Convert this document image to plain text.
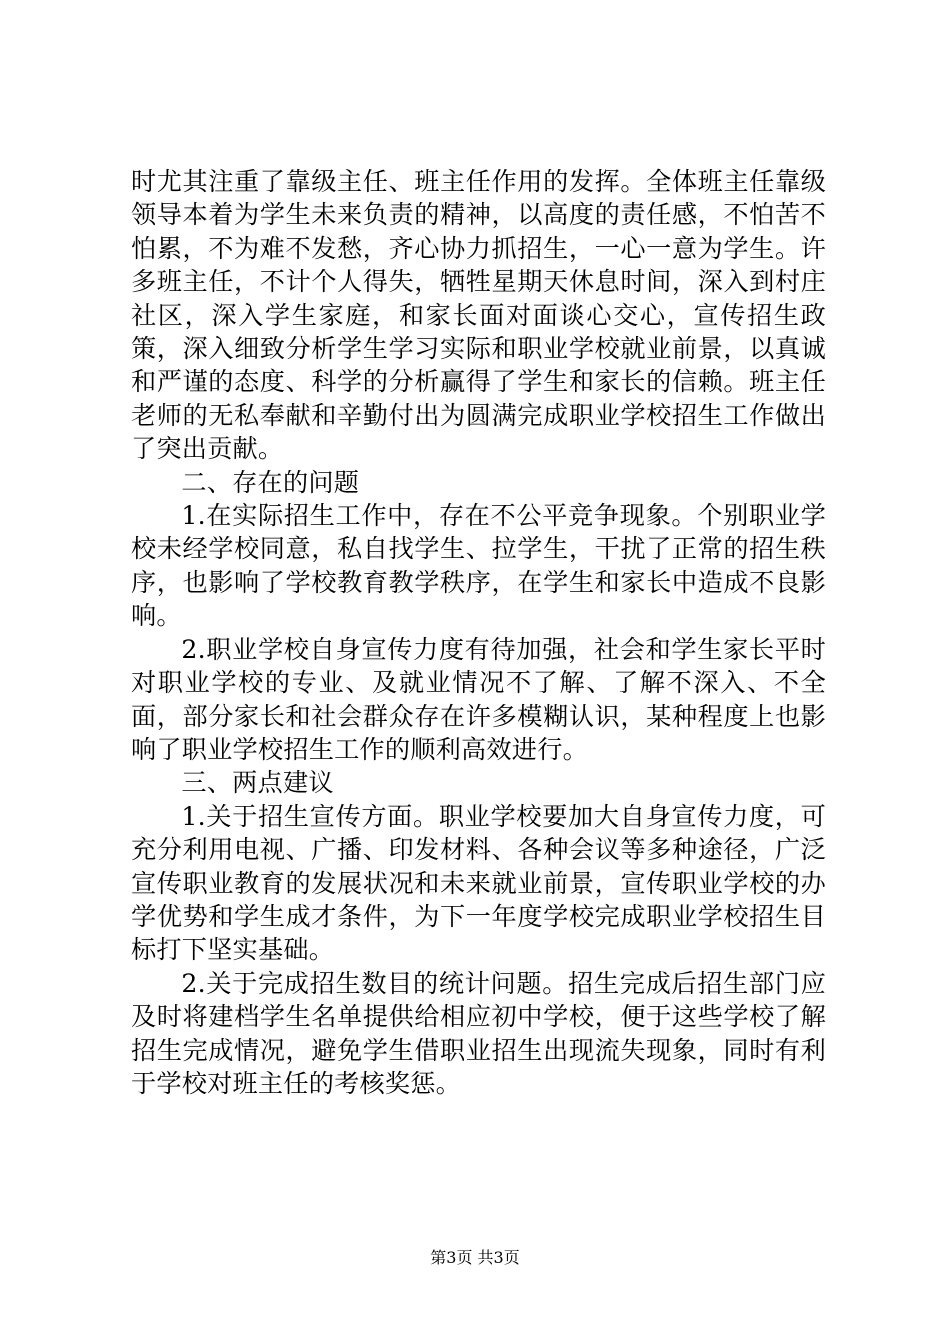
时尤其注重了靠级主任、班主任作用的发挥。全体班主任靠级领导本着为学生未来负责的精神，以高度的责任感，不怕苦不怕累，不为难不发愁，齐心协力抓招生，一心一意为学生。许多班主任，不计个人得失，牺牲星期天休息时间，深入到村庄社区，深入学生家庭，和家长面对面谈心交心，宣传招生政策，深入细致分析学生学习实际和职业学校就业前景，以真诚和严谨的态度、科学的分析赢得了学生和家长的信赖。班主任老师的无私奉献和辛勤付出为圆满完成职业学校招生工作做出了突出贡献。

二、存在的问题

1.在实际招生工作中，存在不公平竞争现象。个别职业学校未经学校同意，私自找学生、拉学生，干扰了正常的招生秩序，也影响了学校教育教学秩序，在学生和家长中造成不良影响。

2.职业学校自身宣传力度有待加强，社会和学生家长平时对职业学校的专业、及就业情况不了解、了解不深入、不全面，部分家长和社会群众存在许多模糊认识，某种程度上也影响了职业学校招生工作的顺利高效进行。

三、两点建议

1.关于招生宣传方面。职业学校要加大自身宣传力度，可充分利用电视、广播、印发材料、各种会议等多种途径，广泛宣传职业教育的发展状况和未来就业前景，宣传职业学校的办学优势和学生成才条件，为下一年度学校完成职业学校招生目标打下坚实基础。

2.关于完成招生数目的统计问题。招生完成后招生部门应及时将建档学生名单提供给相应初中学校，便于这些学校了解招生完成情况，避免学生借职业招生出现流失现象，同时有利于学校对班主任的考核奖惩。

第3页 共3页
